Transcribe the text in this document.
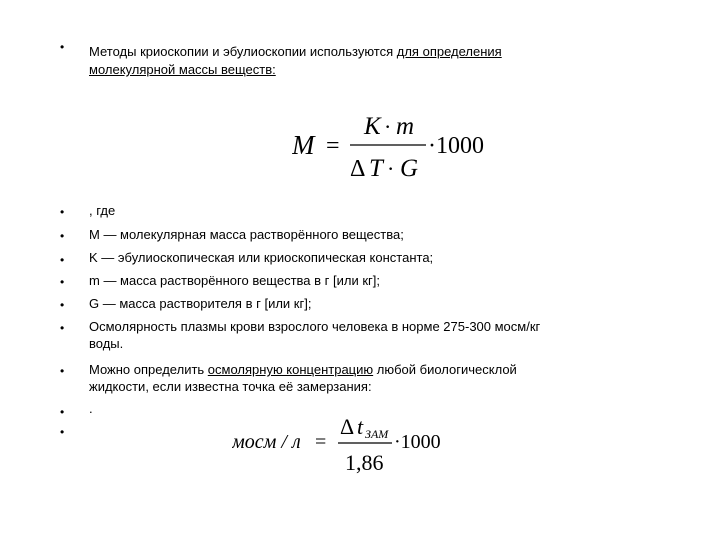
• Методы криоскопии и эбулиоскопии используются для определения
молекулярной массы веществ:
M =
K · m
Δ T · G
·1000
• , где
• M — молекулярная масса растворённого вещества;
• K — эбулиоскопическая или криоскопическая константа;
• m — масса растворённого вещества в г [или кг];
• G — масса растворителя в г [или кг];
• Осмолярность плазмы крови взрослого человека в норме 275-300 мосм/кг
воды.
• Можно определить осмолярную концентрацию любой биологическлой
жидкости, если известна точка её замерзания:
• .
•	мосм / л =
Δ t ЗАМ
1,86
·1000
